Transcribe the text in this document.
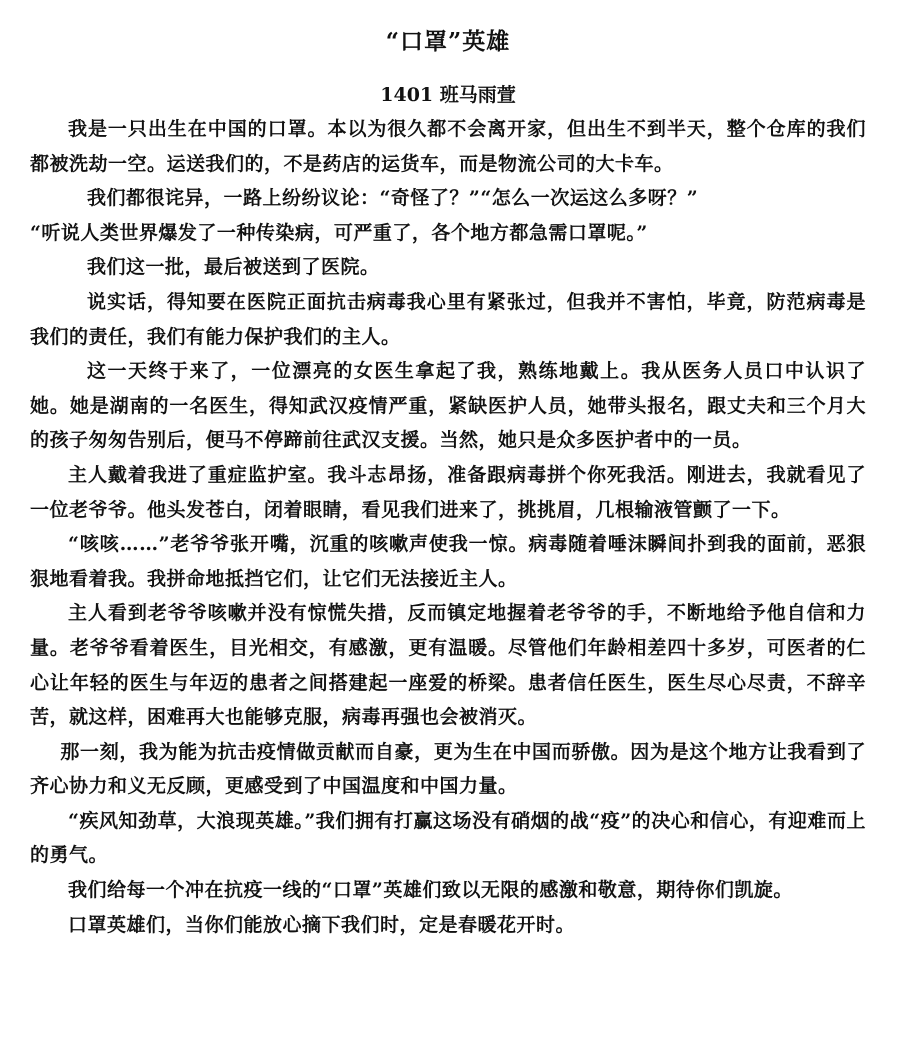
“口罩”英雄
1401 班马雨萱

我是一只出生在中国的口罩。本以为很久都不会离开家，但出生不到半天，整个仓库的我们都被洗劫一空。运送我们的，不是药店的运货车，而是物流公司的大卡车。

我们都很诧异，一路上纷纷议论：“奇怪了？”“怎么一次运这么多呀？”

“听说人类世界爆发了一种传染病，可严重了，各个地方都急需口罩呢。”

我们这一批，最后被送到了医院。

说实话，得知要在医院正面抗击病毒我心里有紧张过，但我并不害怕，毕竟，防范病毒是我们的责任，我们有能力保护我们的主人。

这一天终于来了，一位漂亮的女医生拿起了我，熟练地戴上。我从医务人员口中认识了她。她是湖南的一名医生，得知武汉疫情严重，紧缺医护人员，她带头报名，跟丈夫和三个月大的孩子匆匆告别后，便马不停蹄前往武汉支援。当然，她只是众多医护者中的一员。

主人戴着我进了重症监护室。我斗志昂扬，准备跟病毒拼个你死我活。刚进去，我就看见了一位老爷爷。他头发苍白，闭着眼睛，看见我们进来了，挑挑眉，几根输液管颤了一下。

“咳咳……”老爷爷张开嘴，沉重的咳嗽声使我一惊。病毒随着唾沫瞬间扑到我的面前，恶狠狠地看着我。我拼命地抵挡它们，让它们无法接近主人。

主人看到老爷爷咳嗽并没有惊慌失措，反而镇定地握着老爷爷的手，不断地给予他自信和力量。老爷爷看着医生，目光相交，有感激，更有温暖。尽管他们年龄相差四十多岁，可医者的仁心让年轻的医生与年迈的患者之间搭建起一座爱的桥梁。患者信任医生，医生尽心尽责，不辞辛苦，就这样，困难再大也能够克服，病毒再强也会被消灭。

那一刻，我为能为抗击疫情做贡献而自豪，更为生在中国而骄傲。因为是这个地方让我看到了齐心协力和义无反顾，更感受到了中国温度和中国力量。

“疾风知劲草，大浪现英雄。”我们拥有打赢这场没有硝烟的战“疫”的决心和信心，有迎难而上的勇气。

我们给每一个冲在抗疫一线的“口罩”英雄们致以无限的感激和敬意，期待你们凯旋。

口罩英雄们，当你们能放心摘下我们时，定是春暖花开时。
